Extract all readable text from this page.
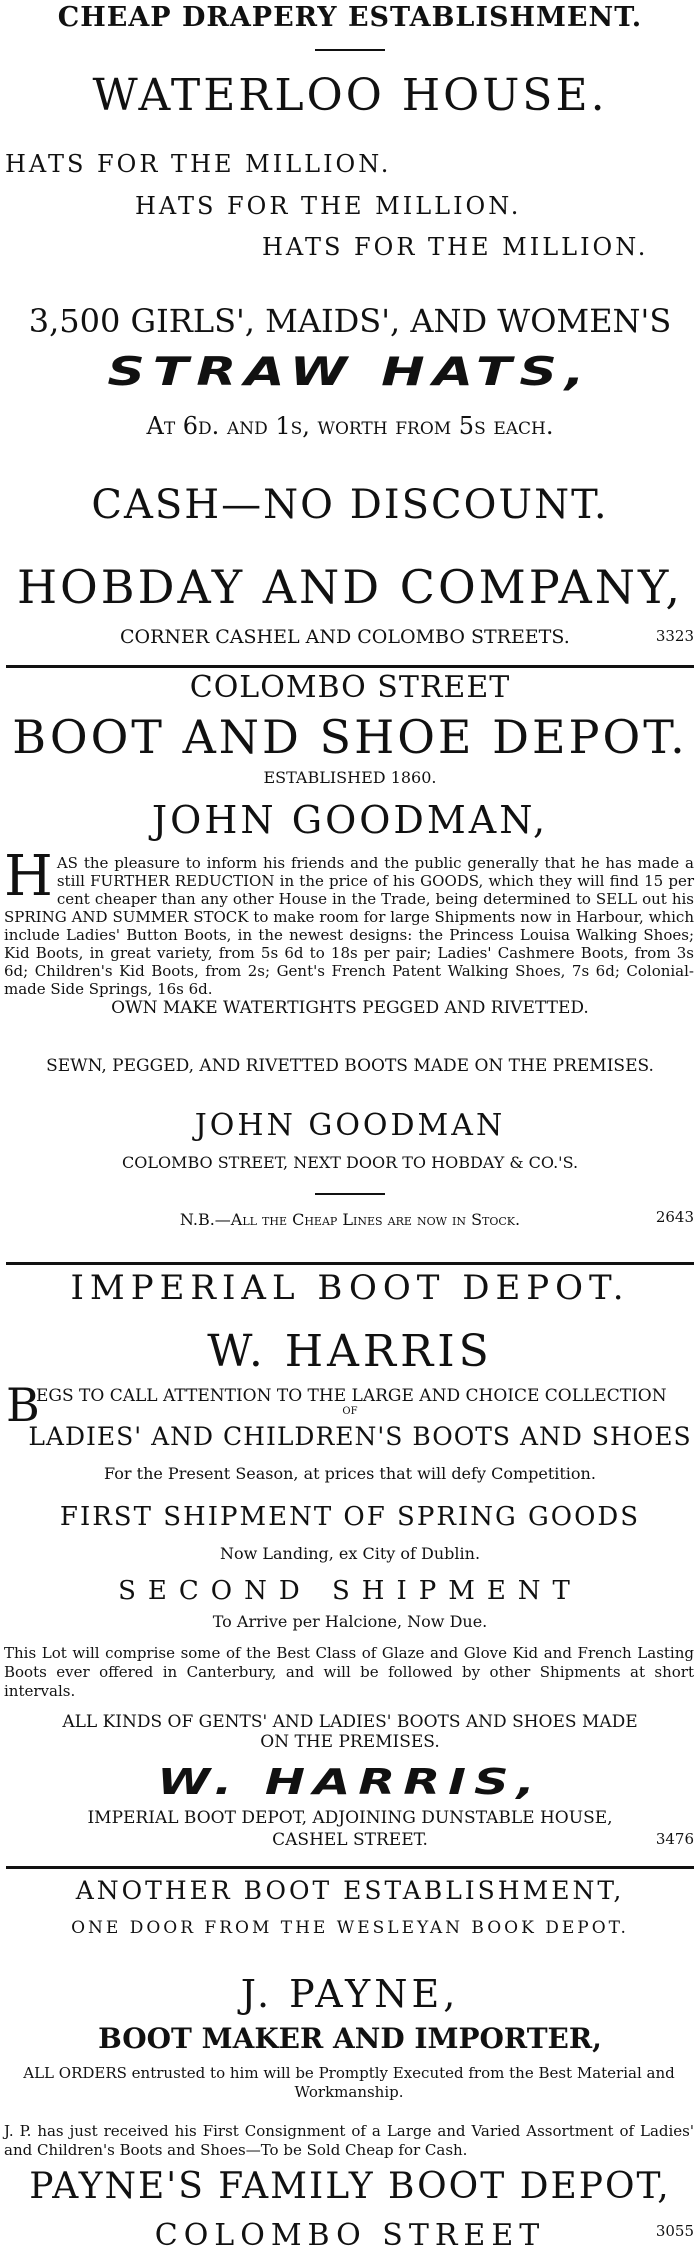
CHEAP DRAPERY ESTABLISHMENT.
WATERLOO HOUSE.
HATS FOR THE MILLION.
HATS FOR THE MILLION.
HATS FOR THE MILLION.
3,500 GIRLS', MAIDS', AND WOMEN'S
STRAW HATS,
At 6d. and 1s, worth from 5s each.
CASH—NO DISCOUNT.
HOBDAY AND COMPANY,
CORNER CASHEL AND COLOMBO STREETS.	3323
COLOMBO STREET
BOOT AND SHOE DEPOT.
ESTABLISHED 1860.
JOHN GOODMAN,
HAS the pleasure to inform his friends and the public generally that he has made a still FURTHER REDUCTION in the price of his GOODS, which they will find 15 per cent cheaper than any other House in the Trade, being determined to SELL out his SPRING AND SUMMER STOCK to make room for large Shipments now in Harbour, which include Ladies' Button Boots, in the newest designs: the Princess Louisa Walking Shoes; Kid Boots, in great variety, from 5s 6d to 18s per pair; Ladies' Cashmere Boots, from 3s 6d; Children's Kid Boots, from 2s; Gent's French Patent Walking Shoes, 7s 6d; Colonial-made Side Springs, 16s 6d.
OWN MAKE WATERTIGHTS PEGGED AND RIVETTED.
SEWN, PEGGED, AND RIVETTED BOOTS MADE ON THE PREMISES.
JOHN GOODMAN
COLOMBO STREET, NEXT DOOR TO HOBDAY & CO.'S.
N.B.—All the Cheap Lines are now in Stock.	2643
IMPERIAL BOOT DEPOT.
W. HARRIS
B
EGS TO CALL ATTENTION TO THE LARGE AND CHOICE COLLECTION
OF
LADIES' AND CHILDREN'S BOOTS AND SHOES
For the Present Season, at prices that will defy Competition.
FIRST SHIPMENT OF SPRING GOODS
Now Landing, ex City of Dublin.
SECOND SHIPMENT
To Arrive per Halcione, Now Due.
This Lot will comprise some of the Best Class of Glaze and Glove Kid and French Lasting Boots ever offered in Canterbury, and will be followed by other Shipments at short intervals.
ALL KINDS OF GENTS' AND LADIES' BOOTS AND SHOES MADE
ON THE PREMISES.
W. HARRIS,
IMPERIAL BOOT DEPOT, ADJOINING DUNSTABLE HOUSE,
CASHEL STREET.	3476
ANOTHER BOOT ESTABLISHMENT,
ONE DOOR FROM THE WESLEYAN BOOK DEPOT.
J. PAYNE,
BOOT MAKER AND IMPORTER,
ALL ORDERS entrusted to him will be Promptly Executed from the Best Material and Workmanship.
J. P. has just received his First Consignment of a Large and Varied Assortment of Ladies' and Children's Boots and Shoes—To be Sold Cheap for Cash.
PAYNE'S FAMILY BOOT DEPOT,
COLOMBO STREET	3055
